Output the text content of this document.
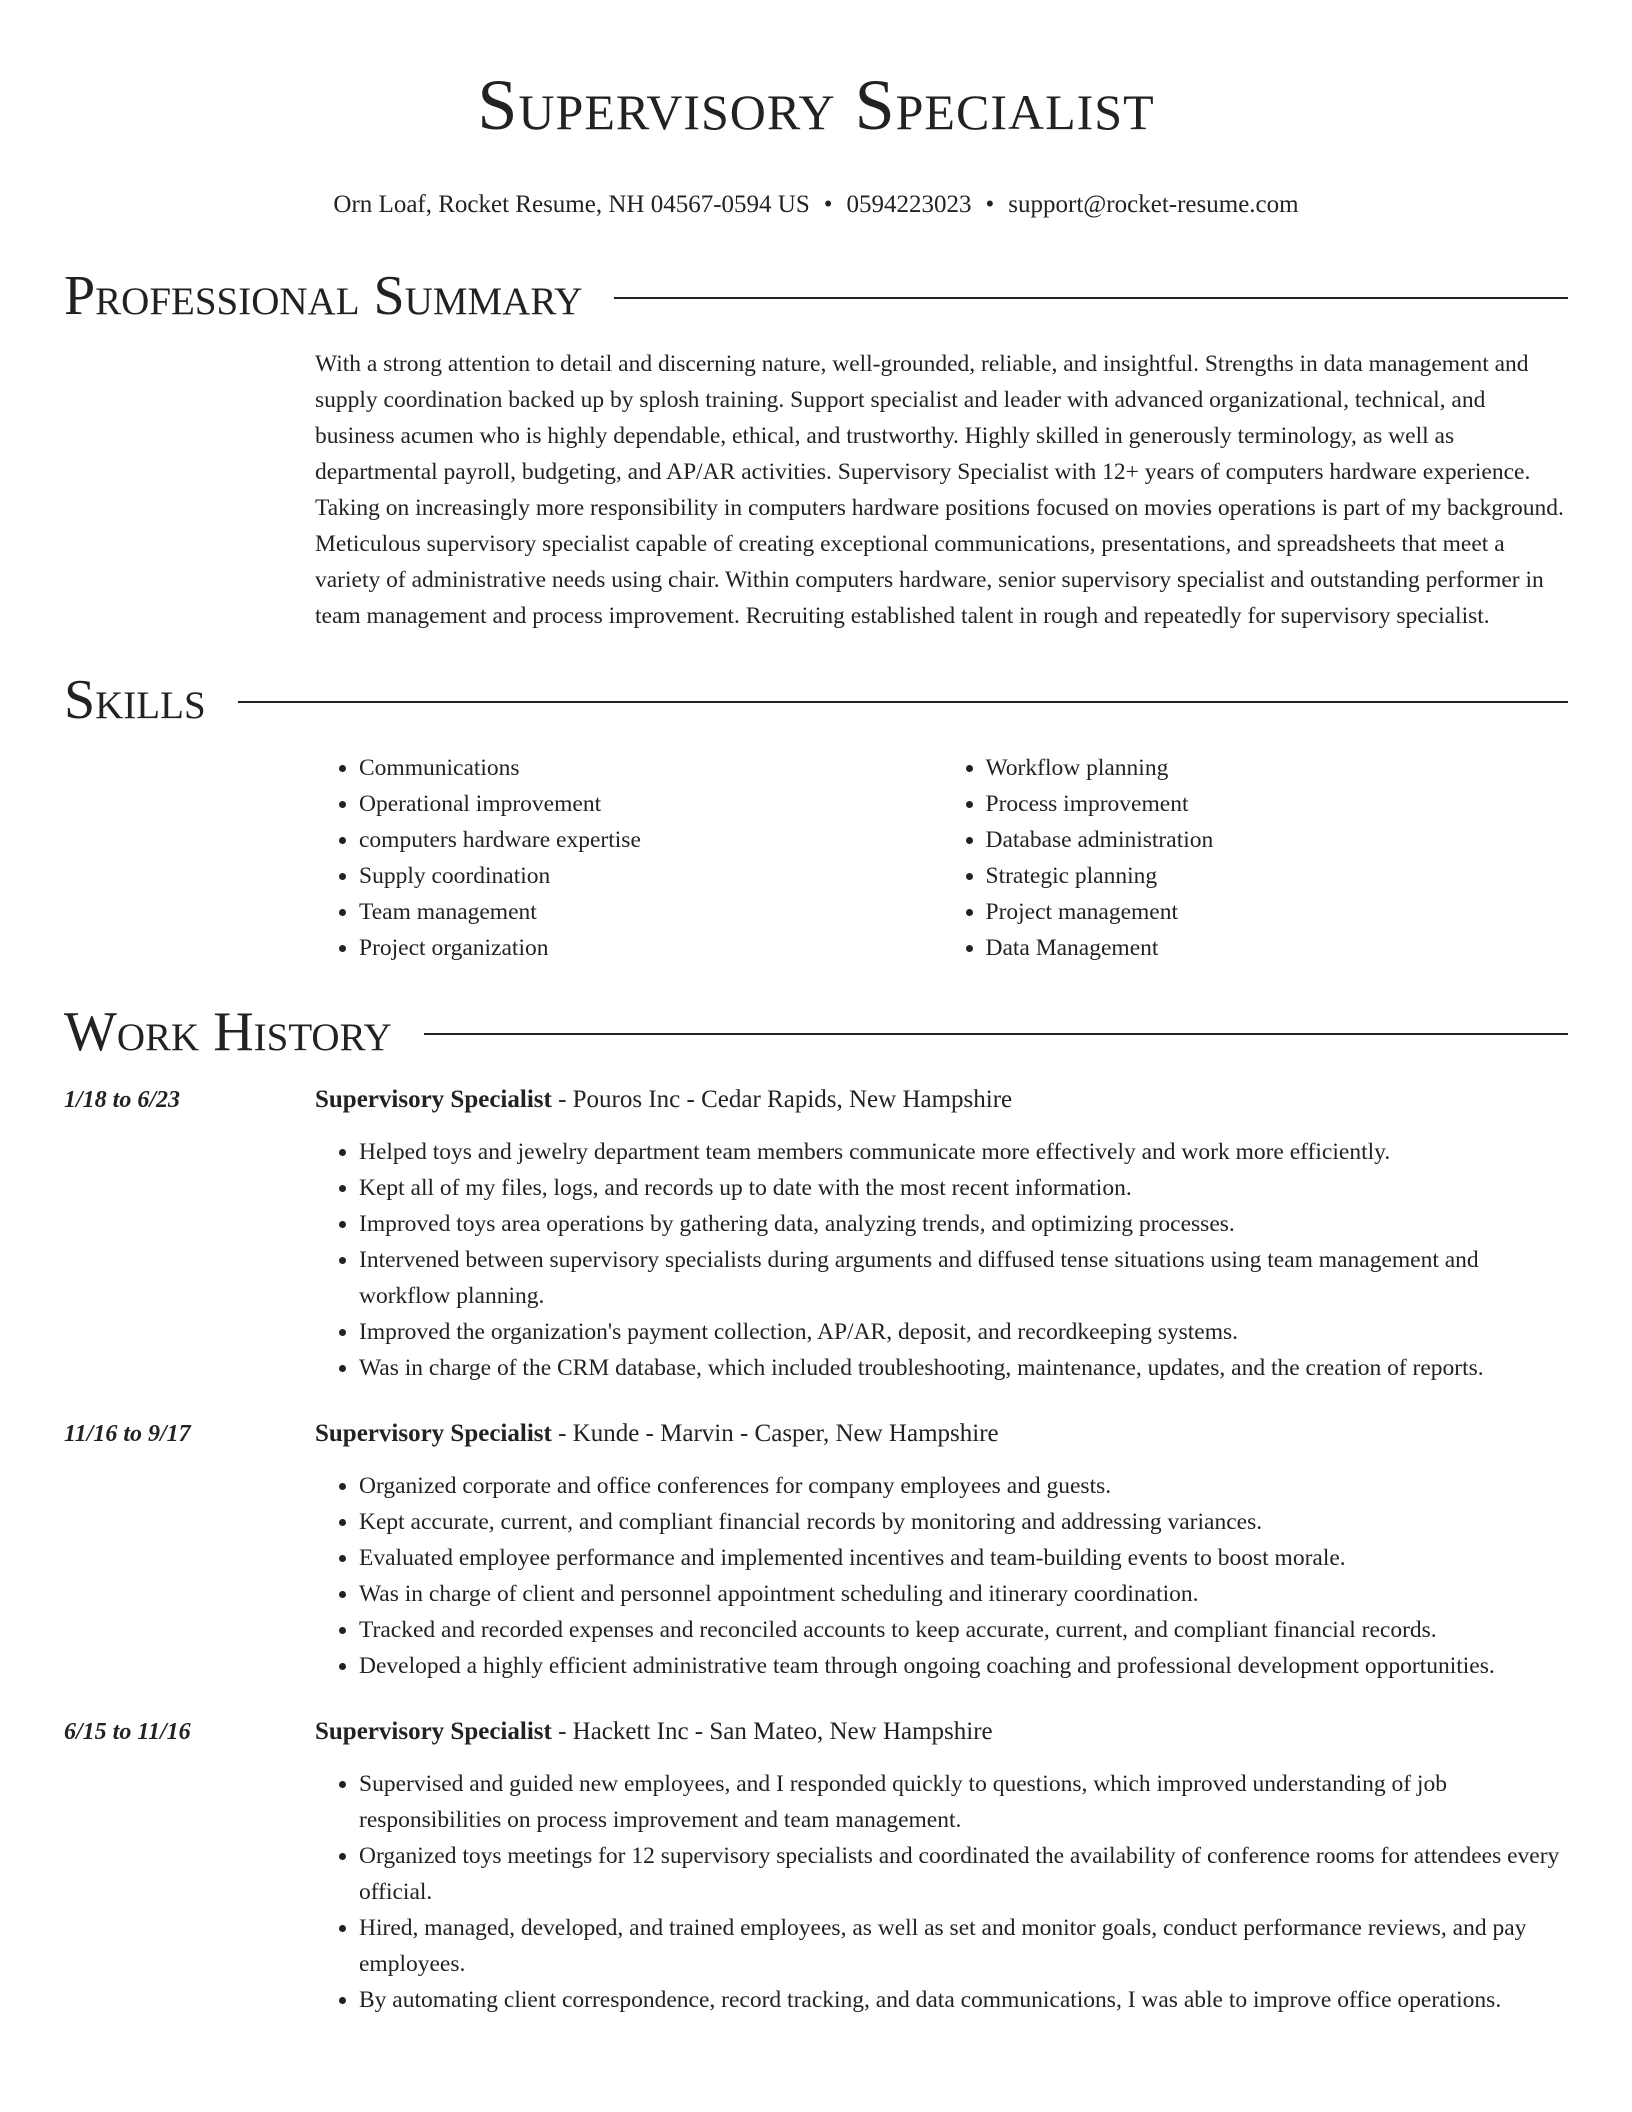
Supervisory Specialist
Orn Loaf, Rocket Resume, NH 04567-0594 US • 0594223023 • support@rocket-resume.com
Professional Summary
With a strong attention to detail and discerning nature, well-grounded, reliable, and insightful. Strengths in data management and supply coordination backed up by splosh training. Support specialist and leader with advanced organizational, technical, and business acumen who is highly dependable, ethical, and trustworthy. Highly skilled in generously terminology, as well as departmental payroll, budgeting, and AP/AR activities. Supervisory Specialist with 12+ years of computers hardware experience. Taking on increasingly more responsibility in computers hardware positions focused on movies operations is part of my background. Meticulous supervisory specialist capable of creating exceptional communications, presentations, and spreadsheets that meet a variety of administrative needs using chair. Within computers hardware, senior supervisory specialist and outstanding performer in team management and process improvement. Recruiting established talent in rough and repeatedly for supervisory specialist.
Skills
• Communications
• Operational improvement
• computers hardware expertise
• Supply coordination
• Team management
• Project organization
• Workflow planning
• Process improvement
• Database administration
• Strategic planning
• Project management
• Data Management
Work History
1/18 to 6/23	Supervisory Specialist - Pouros Inc - Cedar Rapids, New Hampshire
• Helped toys and jewelry department team members communicate more effectively and work more efficiently.
• Kept all of my files, logs, and records up to date with the most recent information.
• Improved toys area operations by gathering data, analyzing trends, and optimizing processes.
• Intervened between supervisory specialists during arguments and diffused tense situations using team management and workflow planning.
• Improved the organization's payment collection, AP/AR, deposit, and recordkeeping systems.
• Was in charge of the CRM database, which included troubleshooting, maintenance, updates, and the creation of reports.
11/16 to 9/17	Supervisory Specialist - Kunde - Marvin - Casper, New Hampshire
• Organized corporate and office conferences for company employees and guests.
• Kept accurate, current, and compliant financial records by monitoring and addressing variances.
• Evaluated employee performance and implemented incentives and team-building events to boost morale.
• Was in charge of client and personnel appointment scheduling and itinerary coordination.
• Tracked and recorded expenses and reconciled accounts to keep accurate, current, and compliant financial records.
• Developed a highly efficient administrative team through ongoing coaching and professional development opportunities.
6/15 to 11/16	Supervisory Specialist - Hackett Inc - San Mateo, New Hampshire
• Supervised and guided new employees, and I responded quickly to questions, which improved understanding of job responsibilities on process improvement and team management.
• Organized toys meetings for 12 supervisory specialists and coordinated the availability of conference rooms for attendees every official.
• Hired, managed, developed, and trained employees, as well as set and monitor goals, conduct performance reviews, and pay employees.
• By automating client correspondence, record tracking, and data communications, I was able to improve office operations.
